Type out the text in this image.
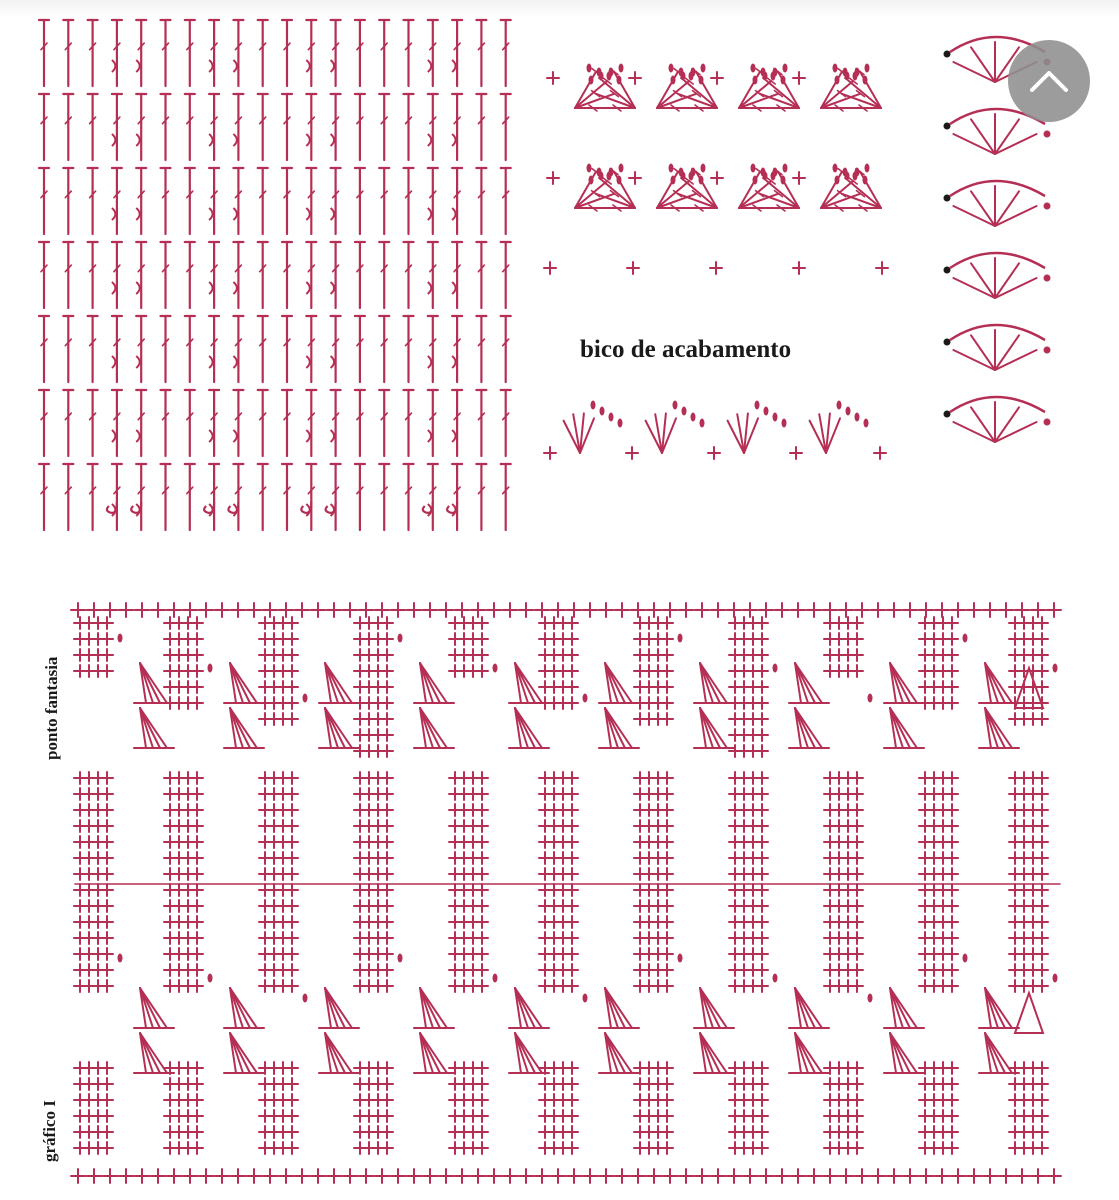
bico de acabamento
ponto fantasia
gráfico I
